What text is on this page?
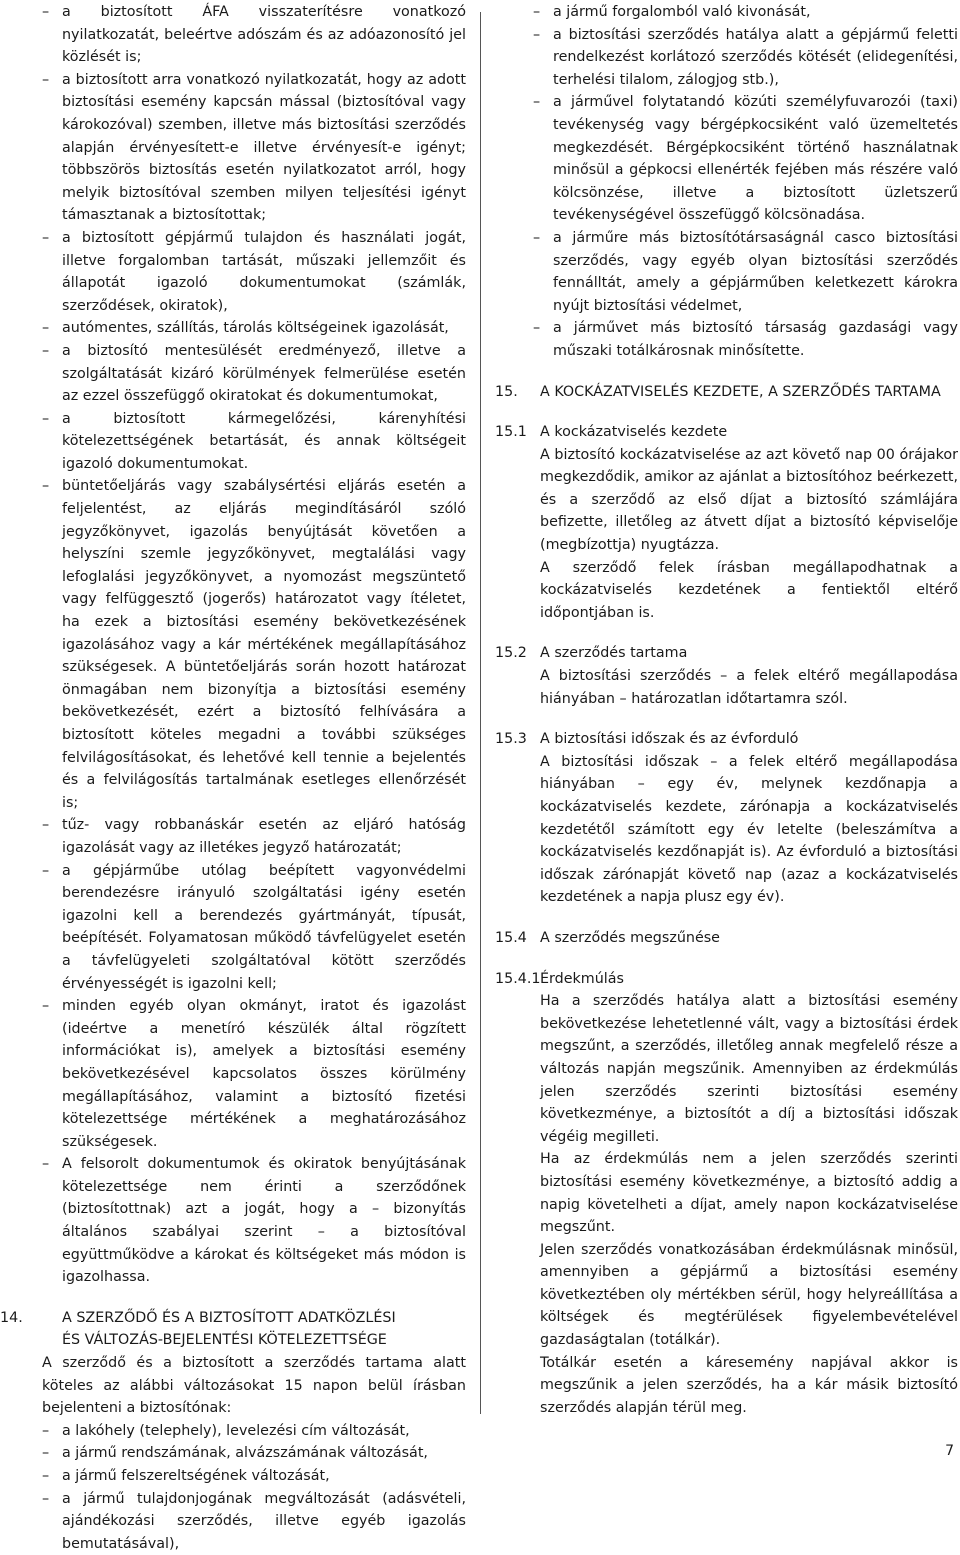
– a biztosított ÁFA visszaterítésre vonatkozó nyilatkozatát, beleértve adószám és az adóazonosító jel közlését is;
– a biztosított arra vonatkozó nyilatkozatát, hogy az adott biztosítási esemény kapcsán mással (biztosítóval vagy károkozóval) szemben, illetve más biztosítási szerződés alapján érvényesített-e illetve érvényesít-e igényt; többszörös biztosítás esetén nyilatkozatot arról, hogy melyik biztosítóval szemben milyen teljesítési igényt támasztanak a biztosítottak;
– a biztosított gépjármű tulajdon és használati jogát, illetve forgalomban tartását, műszaki jellemzőit és állapotát igazoló dokumentumokat (számlák, szerződések, okiratok),
– autómentes, szállítás, tárolás költségeinek igazolását,
– a biztosító mentesülését eredményező, illetve a szolgáltatását kizáró körülmények felmerülése esetén az ezzel összefüggő okiratokat és dokumentumokat,
– a biztosított kármegelőzési, kárenyhítési kötelezettségének betartását, és annak költségeit igazoló dokumentumokat.
– büntetőeljárás vagy szabálysértési eljárás esetén a feljelentést, az eljárás megindításáról szóló jegyzőkönyvet, igazolás benyújtását követően a helyszíni szemle jegyzőkönyvet, megtalálási vagy lefoglalási jegyzőkönyvet, a nyomozást megszüntető vagy felfüggesztő (jogerős) határozatot vagy ítéletet, ha ezek a biztosítási esemény bekövetkezésének igazolásához vagy a kár mértékének megállapításához szükségesek. A büntetőeljárás során hozott határozat önmagában nem bizonyítja a biztosítási esemény bekövetkezését, ezért a biztosító felhívására a biztosított köteles megadni a további szükséges felvilágosításokat, és lehetővé kell tennie a bejelentés és a felvilágosítás tartalmának esetleges ellenőrzését is;
– tűz- vagy robbanáskár esetén az eljáró hatóság igazolását vagy az illetékes jegyző határozatát;
– a gépjárműbe utólag beépített vagyonvédelmi berendezésre irányuló szolgáltatási igény esetén igazolni kell a berendezés gyártmányát, típusát, beépítését. Folyamatosan működő távfelügyelet esetén a távfelügyeleti szolgáltatóval kötött szerződés érvényességét is igazolni kell;
– minden egyéb olyan okmányt, iratot és igazolást (ideértve a menetíró készülék által rögzített információkat is), amelyek a biztosítási esemény bekövetkezésével kapcsolatos összes körülmény megállapításához, valamint a biztosító fizetési kötelezettsége mértékének a meghatározásához szükségesek.
– A felsorolt dokumentumok és okiratok benyújtásának kötelezettsége nem érinti a szerződőnek (biztosítottnak) azt a jogát, hogy a – bizonyítás általános szabályai szerint – a biztosítóval együttműködve a károkat és költségeket más módon is igazolhassa.
14.	A SZERZŐDŐ ÉS A BIZTOSÍTOTT ADATKÖZLÉSI
ÉS VÁLTOZÁS-BEJELENTÉSI KÖTELEZETTSÉGE
A szerződő és a biztosított a szerződés tartama alatt köteles az alábbi változásokat 15 napon belül írásban bejelenteni a biztosítónak:
– a lakóhely (telephely), levelezési cím változását,
– a jármű rendszámának, alvázszámának változását,
– a jármű felszereltségének változását,
– a jármű tulajdonjogának megváltozását (adásvételi, ajándékozási szerződés, illetve egyéb igazolás bemutatásával),
– a jármű forgalomból való kivonását,
– a biztosítási szerződés hatálya alatt a gépjármű feletti rendelkezést korlátozó szerződés kötését (elidegenítési, terhelési tilalom, zálogjog stb.),
– a járművel folytatandó közúti személyfuvarozói (taxi) tevékenység vagy bérgépkocsiként való üzemeltetés megkezdését. Bérgépkocsiként történő használatnak minősül a gépkocsi ellenérték fejében más részére való kölcsönzése, illetve a biztosított üzletszerű tevékenységével összefüggő kölcsönadása.
– a járműre más biztosítótársaságnál casco biztosítási szerződés, vagy egyéb olyan biztosítási szerződés fennálltát, amely a gépjárműben keletkezett károkra nyújt biztosítási védelmet,
– a járművet más biztosító társaság gazdasági vagy műszaki totálkárosnak minősítette.
15. A KOCKÁZATVISELÉS KEZDETE, A SZERZŐDÉS TARTAMA
15.1 A kockázatviselés kezdete
A biztosító kockázatviselése az azt követő nap 00 órájakor megkezdődik, amikor az ajánlat a biztosítóhoz beérkezett, és a szerződő az első díjat a biztosító számlájára befizette, illetőleg az átvett díjat a biztosító képviselője (megbízottja) nyugtázza.
A szerződő felek írásban megállapodhatnak a kockázatviselés kezdetének a fentiektől eltérő időpontjában is.
15.2 A szerződés tartama
A biztosítási szerződés – a felek eltérő megállapodása hiányában – határozatlan időtartamra szól.
15.3 A biztosítási időszak és az évforduló
A biztosítási időszak – a felek eltérő megállapodása hiányában – egy év, melynek kezdőnapja a kockázatviselés kezdete, zárónapja a kockázatviselés kezdetétől számított egy év letelte (beleszámítva a kockázatviselés kezdőnapját is). Az évforduló a biztosítási időszak zárónapját követő nap (azaz a kockázatviselés kezdetének a napja plusz egy év).
15.4 A szerződés megszűnése
15.4.1 Érdekmúlás
Ha a szerződés hatálya alatt a biztosítási esemény bekövetkezése lehetetlenné vált, vagy a biztosítási érdek megszűnt, a szerződés, illetőleg annak megfelelő része a változás napján megszűnik. Amennyiben az érdekmúlás jelen szerződés szerinti biztosítási esemény következménye, a biztosítót a díj a biztosítási időszak végéig megilleti.
Ha az érdekmúlás nem a jelen szerződés szerinti biztosítási esemény következménye, a biztosító addig a napig követelheti a díjat, amely napon kockázatviselése megszűnt.
Jelen szerződés vonatkozásában érdekmúlásnak minősül, amennyiben a gépjármű a biztosítási esemény következtében oly mértékben sérül, hogy helyreállítása a költségek és megtérülések figyelembevételével gazdaságtalan (totálkár).
Totálkár esetén a káresemény napjával akkor is megszűnik a jelen szerződés, ha a kár másik biztosító szerződés alapján térül meg.
7
